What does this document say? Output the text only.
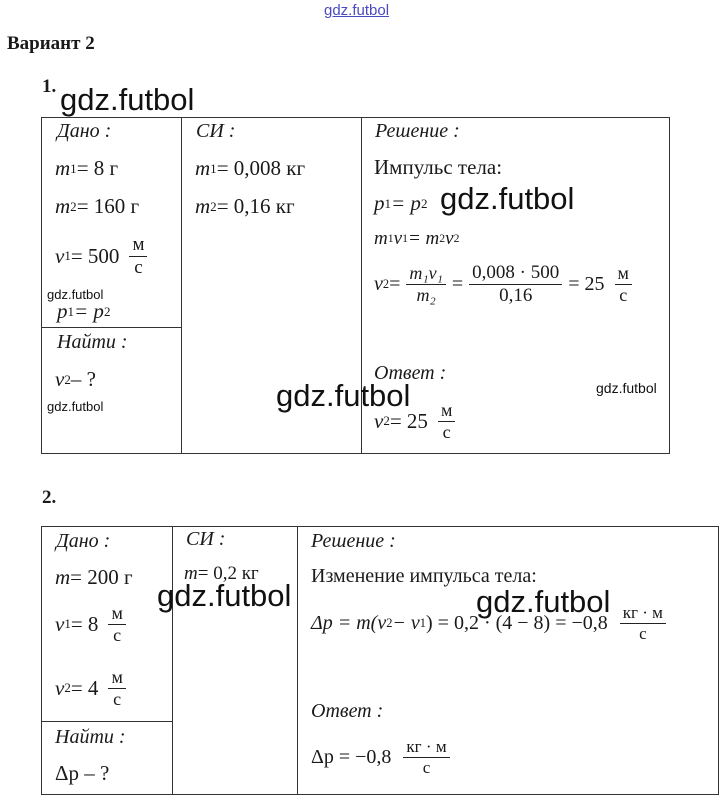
gdz.futbol
Вариант 2
1.
Дано :
m 1 = 8 г
m 2 = 160 г
v $1 = 500 \frac{м}{с}$
p 1 = p 2
Найти :
v 2 – ?
СИ :
m 1 = 0,008 кг
m 2 = 0,16 кг
Решение :
Импульс тела:
p 1 = p 2
m 1 v 1 = m 2 v 2
v $2 = \frac{\text{m₁v₁}}{\text{m₂}} = \frac{0,008 \cdot 500}{0,16} = 25 \frac{м}{с}$
Ответ :
v $2 = 25 \frac{м}{с}$
gdz.futbol
gdz.futbol
gdz.futbol
gdz.futbol
gdz.futbol
gdz.futbol
2.
Дано :
m = 200 г
v $1 = 8 \frac{м}{с}$
v $2 = 4 \frac{м}{с}$
Найти :
Δp – ?
СИ :
m = 0,2 кг
Решение :
Изменение импульса тела:
Δp = m(v 2 − v 1 ) = $0,2 \cdot (4 - 8) = -0,8 \frac{кг \cdot м}{с}$
Ответ :
$\Delta p = -0,8 \frac{кг \cdot м}{с}$
gdz.futbol	gdz.futbol
